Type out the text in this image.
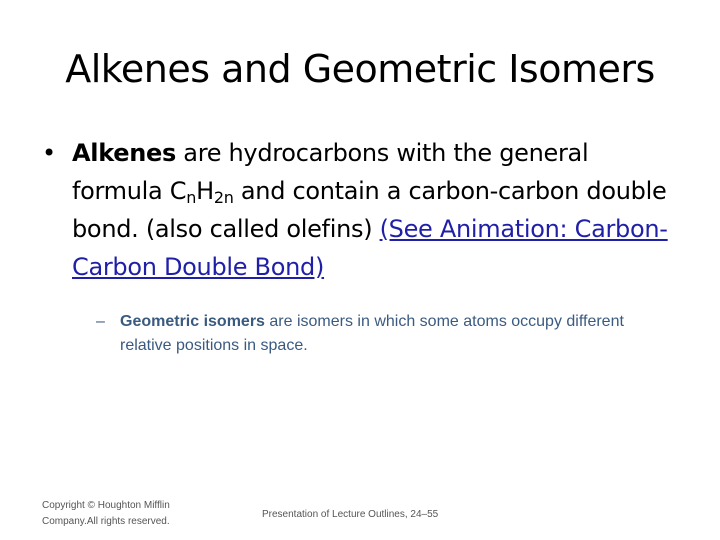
Alkenes and Geometric Isomers
• Alkenes are hydrocarbons with the general formula $C_nH_{2n}$ and contain a carbon-carbon double bond. (also called olefins) (See Animation: Carbon-Carbon Double Bond)
– Geometric isomers are isomers in which some atoms occupy different relative positions in space.
Copyright © Houghton Mifflin Company.All rights reserved.
Presentation of Lecture Outlines, 24–55
